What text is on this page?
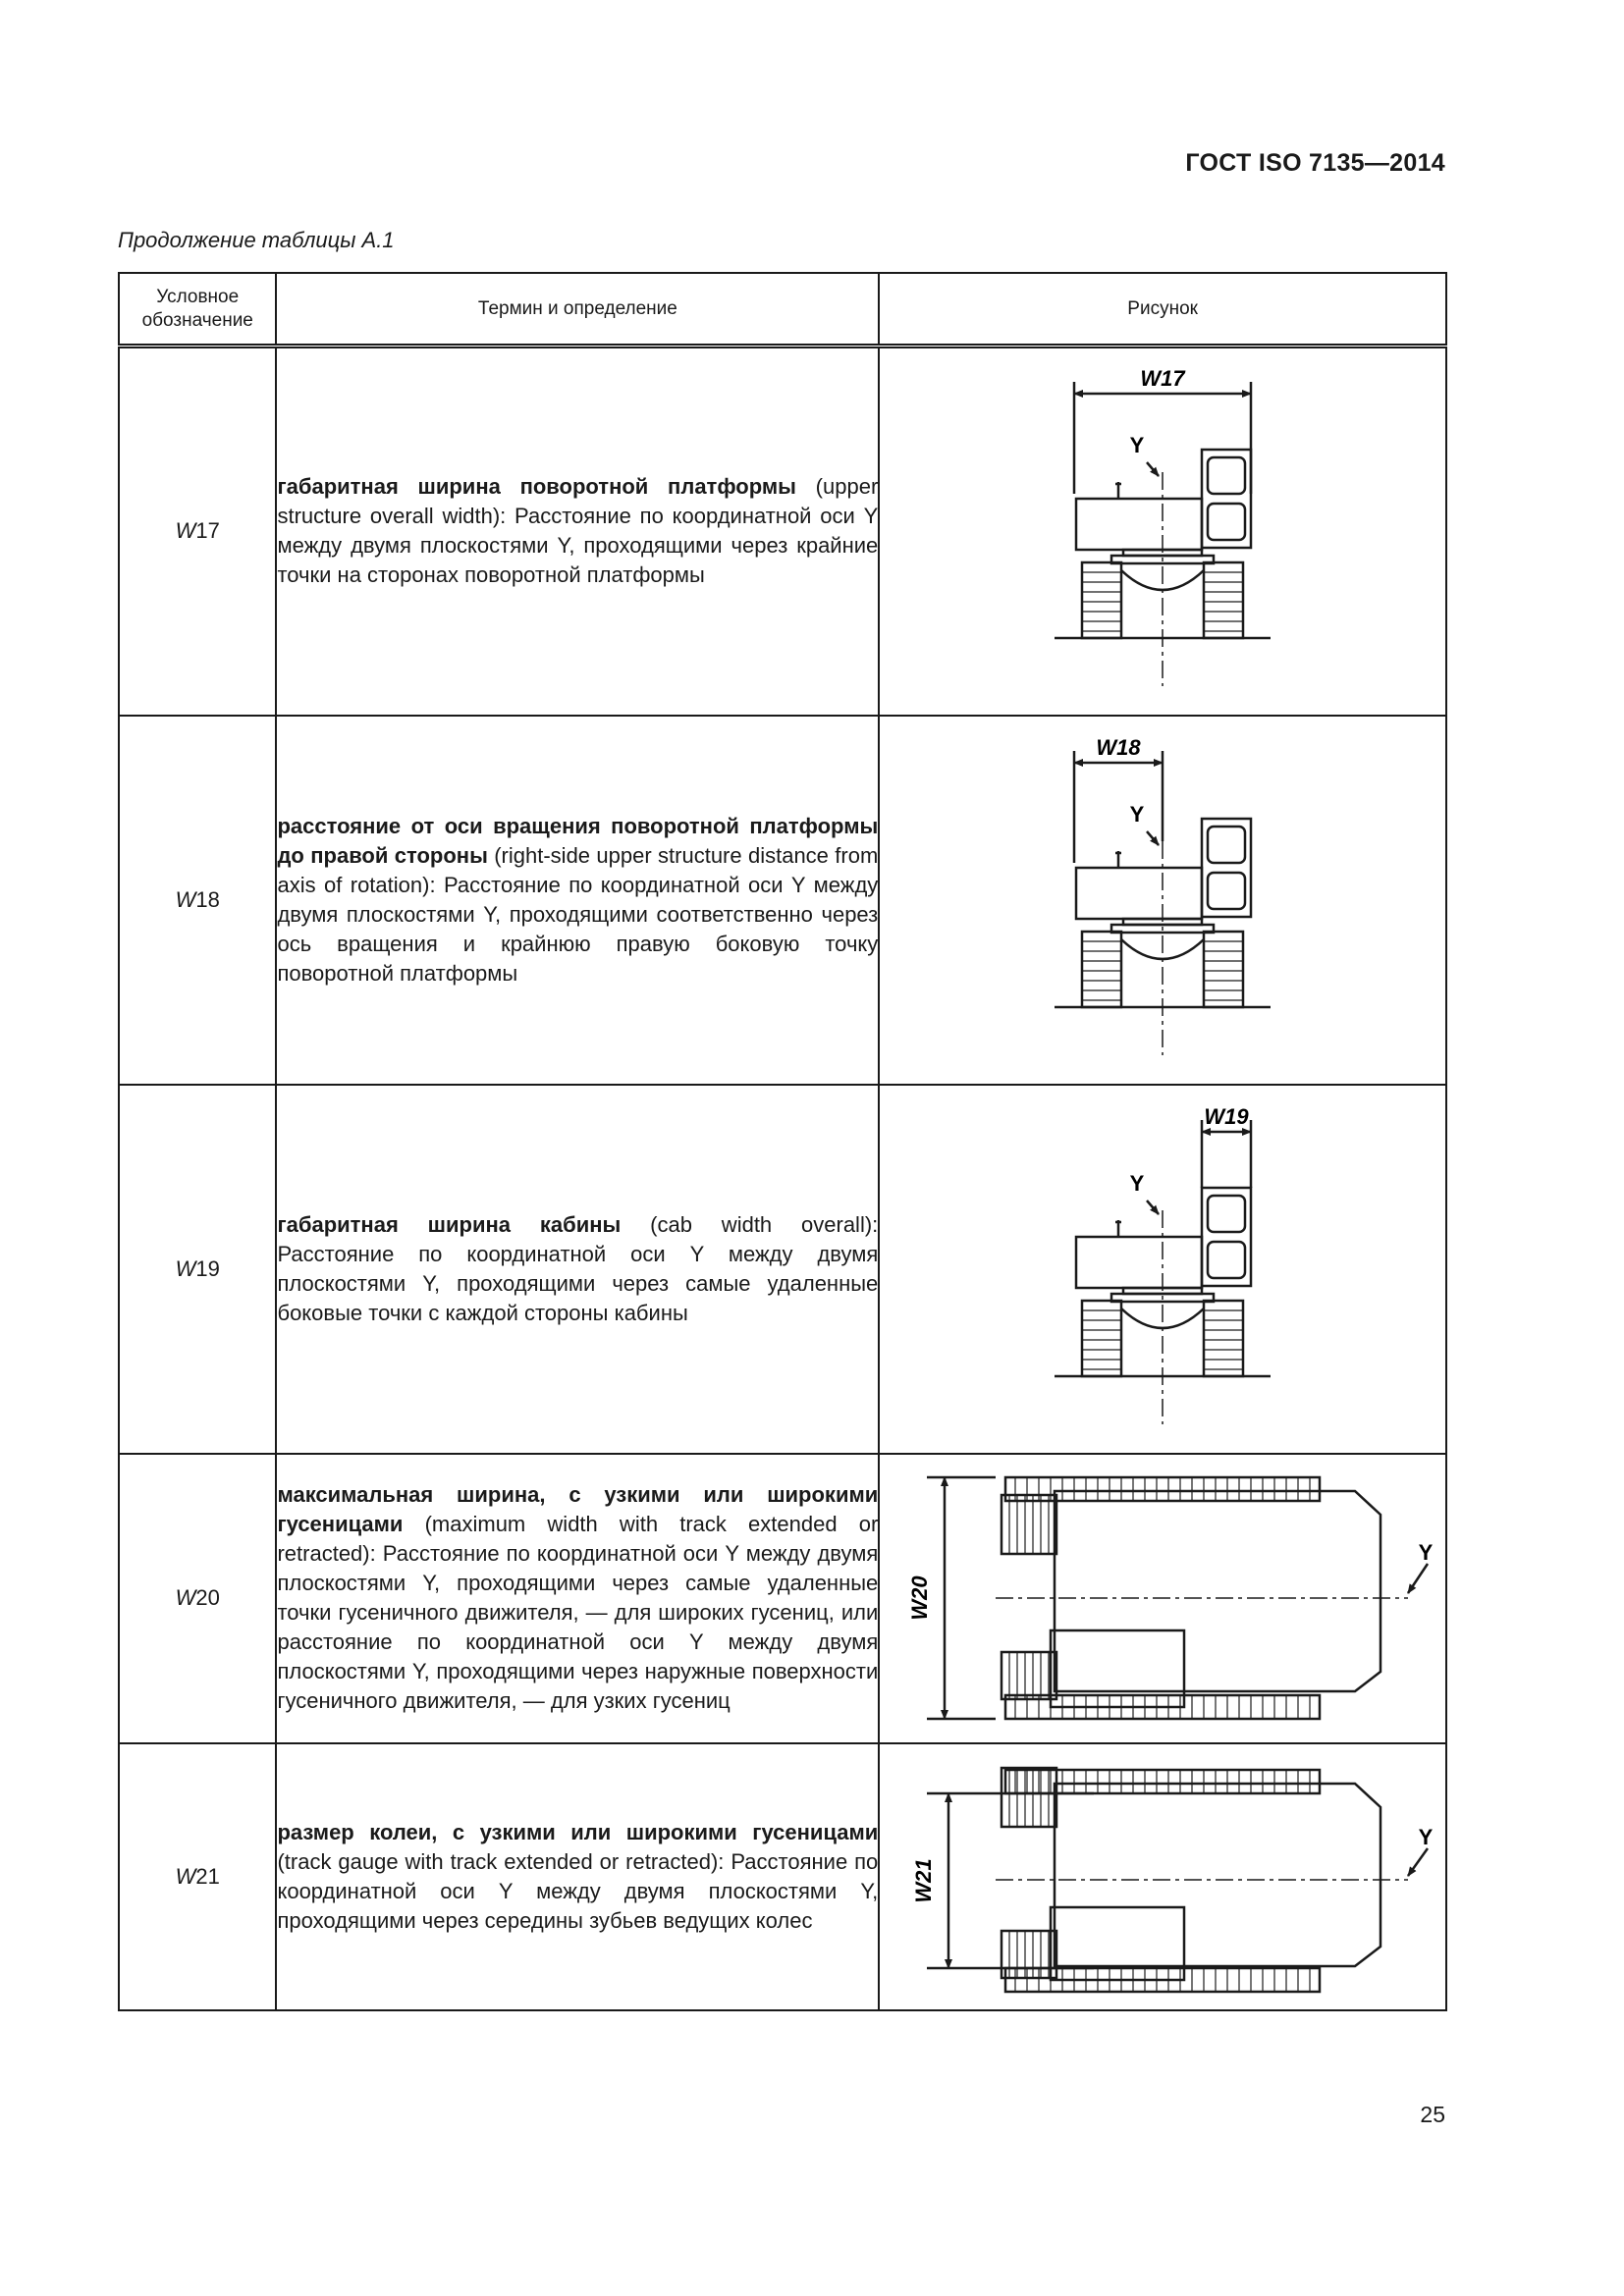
ГОСТ ISO 7135—2014
Продолжение таблицы А.1
Условное обозначение	Термин и определение	Рисунок
W17	габаритная ширина поворотной платформы (upper structure overall width): Расстояние по координатной оси Y между двумя плоскостями Y, проходящими через крайние точки на сторонах поворотной платформы	W17
Y

W18	расстояние от оси вращения поворотной платформы до правой стороны (right-side upper structure distance from axis of rotation): Расстояние по координатной оси Y между двумя плоскостями Y, проходящими соответственно через ось вращения и крайнюю правую боковую точку поворотной платформы	W18
Y

W19	габаритная ширина кабины (cab width overall): Расстояние по координатной оси Y между двумя плоскостями Y, проходящими через самые удаленные боковые точки с каждой стороны кабины	W19
Y

W20	максимальная ширина, с узкими или широкими гусеницами (maximum width with track extended or retracted): Расстояние по координатной оси Y между двумя плоскостями Y, проходящими через самые удаленные точки гусеничного движителя, — для широких гусениц, или расстояние по координатной оси Y между двумя плоскостями Y, проходящими через наружные поверхности гусеничного движителя, — для узких гусениц	W20
Y

W21	размер колеи, с узкими или широкими гусеницами (track gauge with track extended or retracted): Расстояние по координатной оси Y между двумя плоскостями Y, проходящими через середины зубьев ведущих колес	W21
Y
25
